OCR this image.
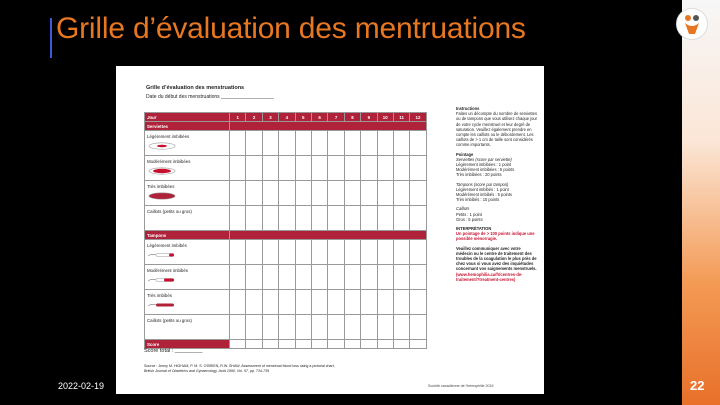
Grille d’évaluation des mentruations
Grille d’évaluation des menstruations
Date du début des menstruations ___________________
Jour	1	2	3	4	5	6	7	8	9	10	11	12
Serviettes												

Légèrement imbibées												

Modérément imbibées												

Très imbibées												

Caillots (petits ou gros)												

Tampons												

Légèrement imbibés												

Modérément imbibés												

Très imbibés												

Caillots (petits ou gros)												

Score												
Score total : _________
Source : Jenny M. HIGHAM, P. M. S. O’BRIEN, R.W. SHAW, Assessment of menstrual blood loss using a pictorial chart,
British Journal of Obstetrics and Gynaecology, Août 1990, Vol. 97, pp. 734-739
Instructions

Faites un décompte du nombre de serviettes ou de tampons que vous utilisez chaque jour de votre cycle menstruel et leur degré de saturation. Veuillez également prendre en compte les caillots ou le débordement. Les caillots de > 1 cm de taille sont considérés comme importants.

Pointage
Serviettes (score par serviette)
Légèrement imbibées : 1 point
Modérément imbibées : 5 points

Très imbibées : 20 points

Tampons (score par tampon)
Légèrement imbibés : 1 point
Modérément imbibés : 5 points

Très imbibés : 10 points

Caillots
Petits : 1 point

Gros : 5 points

INTERPRÉTATION

Un pointage de > 100 points indique une possible ménorragie.

Veuillez communiquer avec votre médecin ou le centre de traitement des troubles de la coagulation le plus près de chez vous si vous avez des inquiétudes concernant vos saignements menstruels.
(www.hemophilia.ca/fr/centres-de-traitement/?treatment-centres)
Société canadienne de l’hémophilie 2015
2022-02-19	22
